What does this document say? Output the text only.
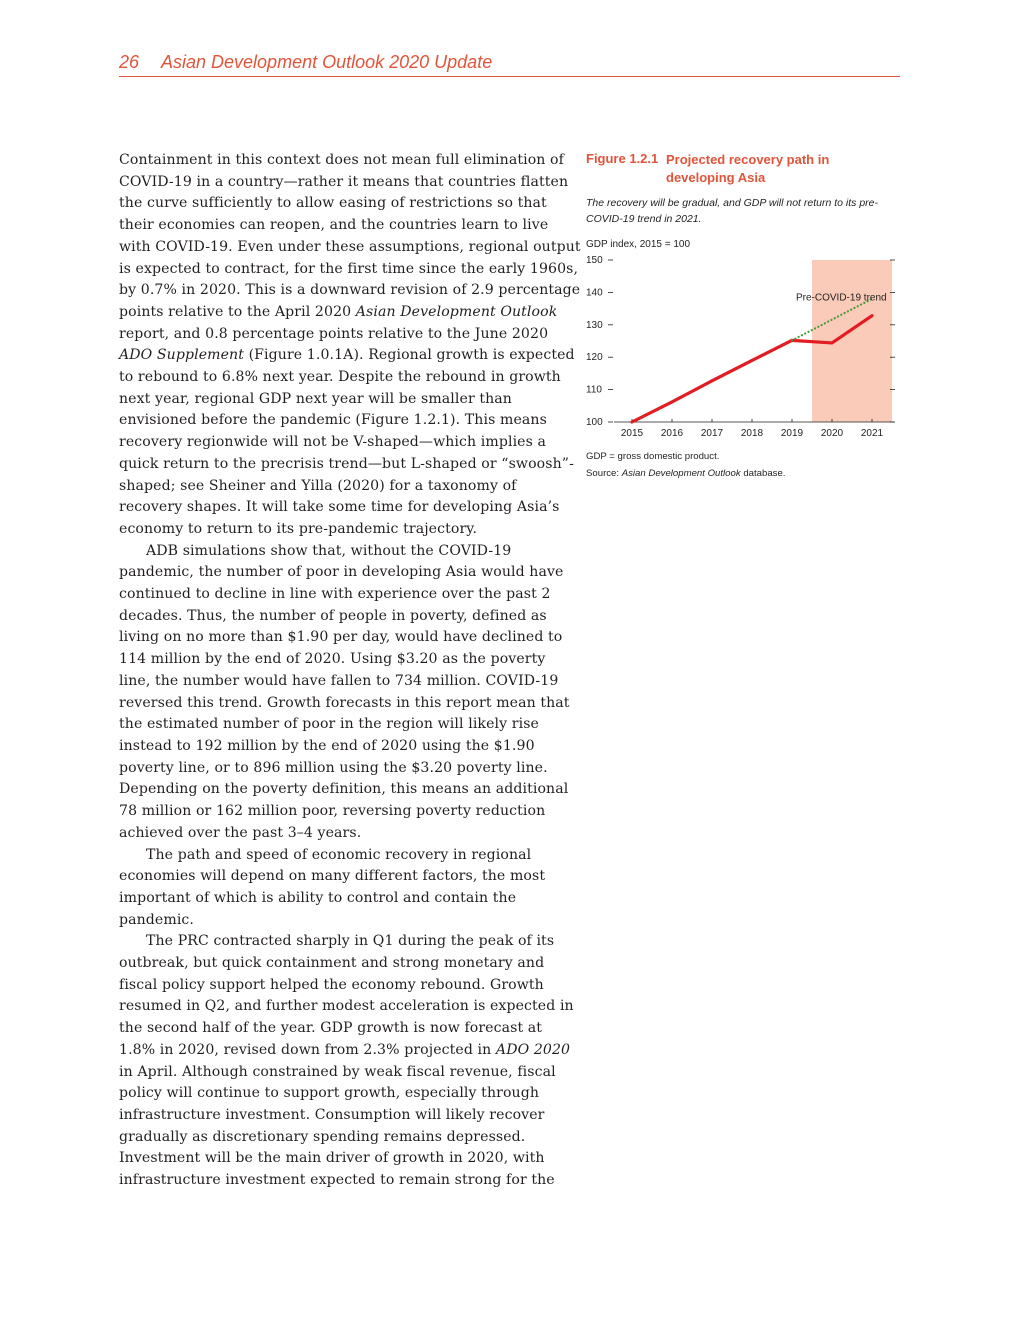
26 Asian Development Outlook 2020 Update

Containment in this context does not mean full elimination of COVID-19 in a country—rather it means that countries flatten the curve sufficiently to allow easing of restrictions so that their economies can reopen, and the countries learn to live with COVID-19. Even under these assumptions, regional output is expected to contract, for the first time since the early 1960s, by 0.7% in 2020. This is a downward revision of 2.9 percentage points relative to the April 2020 Asian Development Outlook report, and 0.8 percentage points relative to the June 2020 ADO Supplement (Figure 1.0.1A). Regional growth is expected to rebound to 6.8% next year. Despite the rebound in growth next year, regional GDP next year will be smaller than envisioned before the pandemic (Figure 1.2.1). This means recovery regionwide will not be V-shaped—which implies a quick return to the precrisis trend—but L-shaped or “swoosh”-shaped; see Sheiner and Yilla (2020) for a taxonomy of recovery shapes. It will take some time for developing Asia’s economy to return to its pre-pandemic trajectory.

ADB simulations show that, without the COVID-19 pandemic, the number of poor in developing Asia would have continued to decline in line with experience over the past 2 decades. Thus, the number of people in poverty, defined as living on no more than $1.90 per day, would have declined to 114 million by the end of 2020. Using $3.20 as the poverty line, the number would have fallen to 734 million. COVID-19 reversed this trend. Growth forecasts in this report mean that the estimated number of poor in the region will likely rise instead to 192 million by the end of 2020 using the $1.90 poverty line, or to 896 million using the $3.20 poverty line. Depending on the poverty definition, this means an additional 78 million or 162 million poor, reversing poverty reduction achieved over the past 3–4 years.

The path and speed of economic recovery in regional economies will depend on many different factors, the most important of which is ability to control and contain the pandemic.

The PRC contracted sharply in Q1 during the peak of its outbreak, but quick containment and strong monetary and fiscal policy support helped the economy rebound. Growth resumed in Q2, and further modest acceleration is expected in the second half of the year. GDP growth is now forecast at 1.8% in 2020, revised down from 2.3% projected in ADO 2020 in April. Although constrained by weak fiscal revenue, fiscal policy will continue to support growth, especially through infrastructure investment. Consumption will likely recover gradually as discretionary spending remains depressed. Investment will be the main driver of growth in 2020, with infrastructure investment expected to remain strong for the

Figure 1.2.1 Projected recovery path in developing Asia
The recovery will be gradual, and GDP will not return to its pre-COVID-19 trend in 2021.
GDP index, 2015 = 100
100
110
120
130
140
150
2015 2016 2017 2018 2019 2020 2021
Pre-COVID-19 trend
GDP = gross domestic product.
Source: Asian Development Outlook database.
